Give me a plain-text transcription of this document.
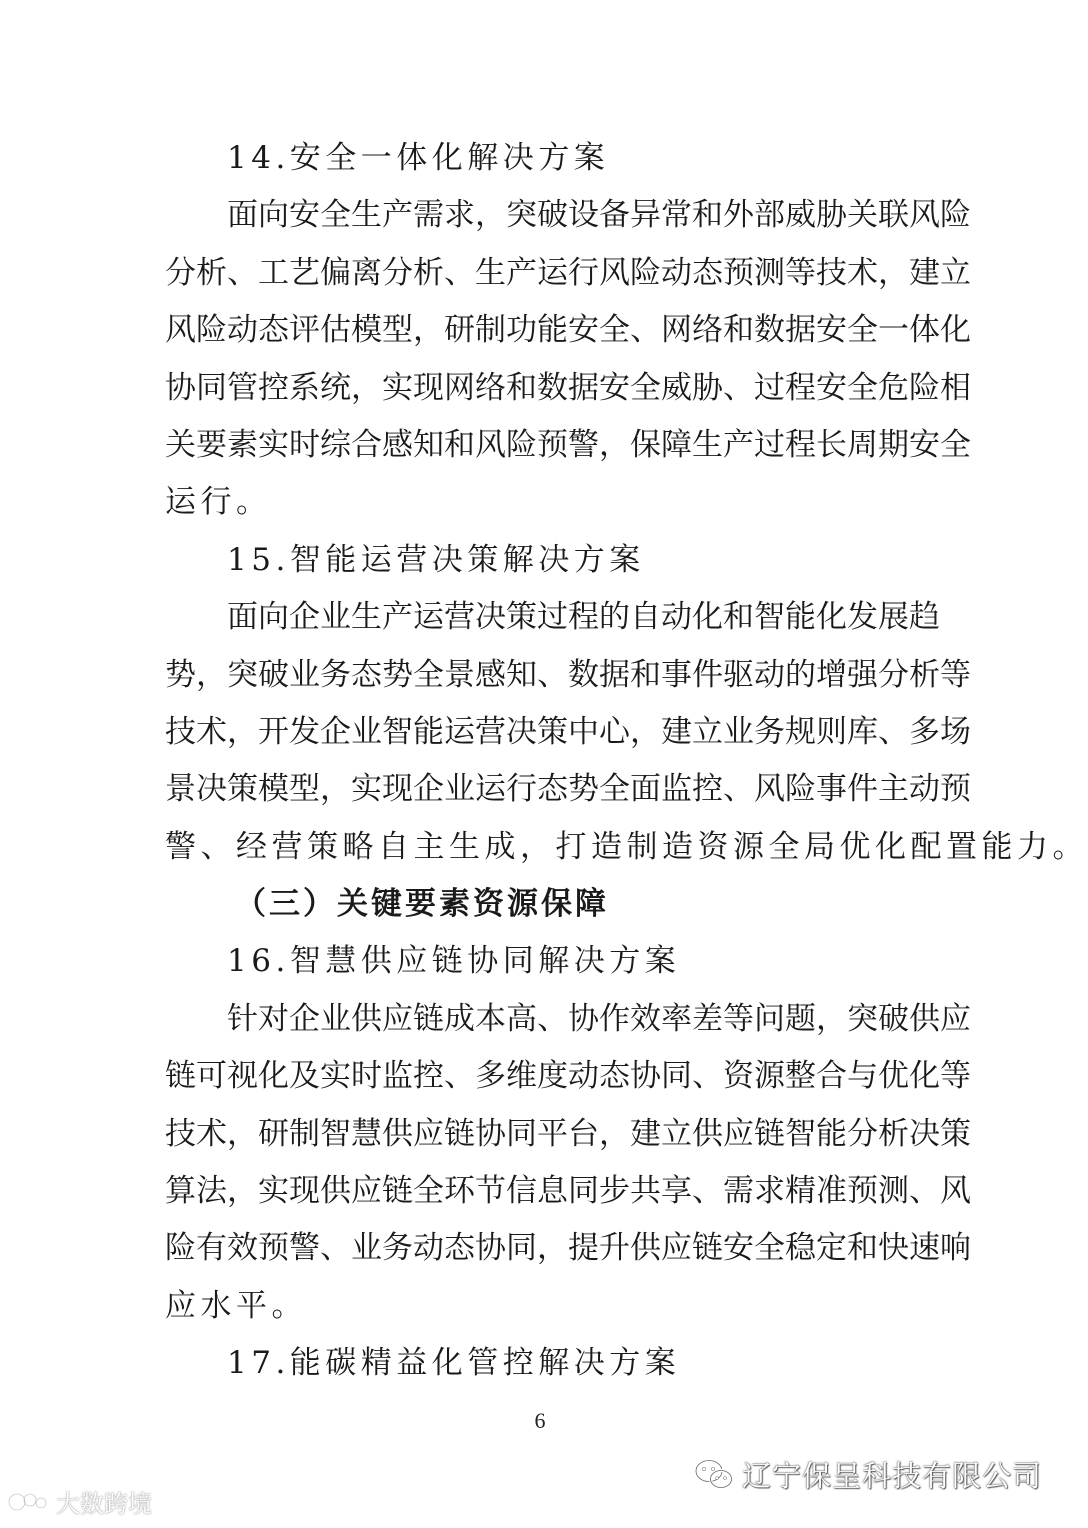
14.安全一体化解决方案
面向安全生产需求，突破设备异常和外部威胁关联风险
分析、工艺偏离分析、生产运行风险动态预测等技术，建立
风险动态评估模型，研制功能安全、网络和数据安全一体化
协同管控系统，实现网络和数据安全威胁、过程安全危险相
关要素实时综合感知和风险预警，保障生产过程长周期安全
运行。
15.智能运营决策解决方案
面向企业生产运营决策过程的自动化和智能化发展趋
势，突破业务态势全景感知、数据和事件驱动的增强分析等
技术，开发企业智能运营决策中心，建立业务规则库、多场
景决策模型，实现企业运行态势全面监控、风险事件主动预
警、经营策略自主生成，打造制造资源全局优化配置能力。
（三）关键要素资源保障
16.智慧供应链协同解决方案
针对企业供应链成本高、协作效率差等问题，突破供应
链可视化及实时监控、多维度动态协同、资源整合与优化等
技术，研制智慧供应链协同平台，建立供应链智能分析决策
算法，实现供应链全环节信息同步共享、需求精准预测、风
险有效预警、业务动态协同，提升供应链安全稳定和快速响
应水平。
17.能碳精益化管控解决方案
6
大数跨境
辽宁保呈科技有限公司
